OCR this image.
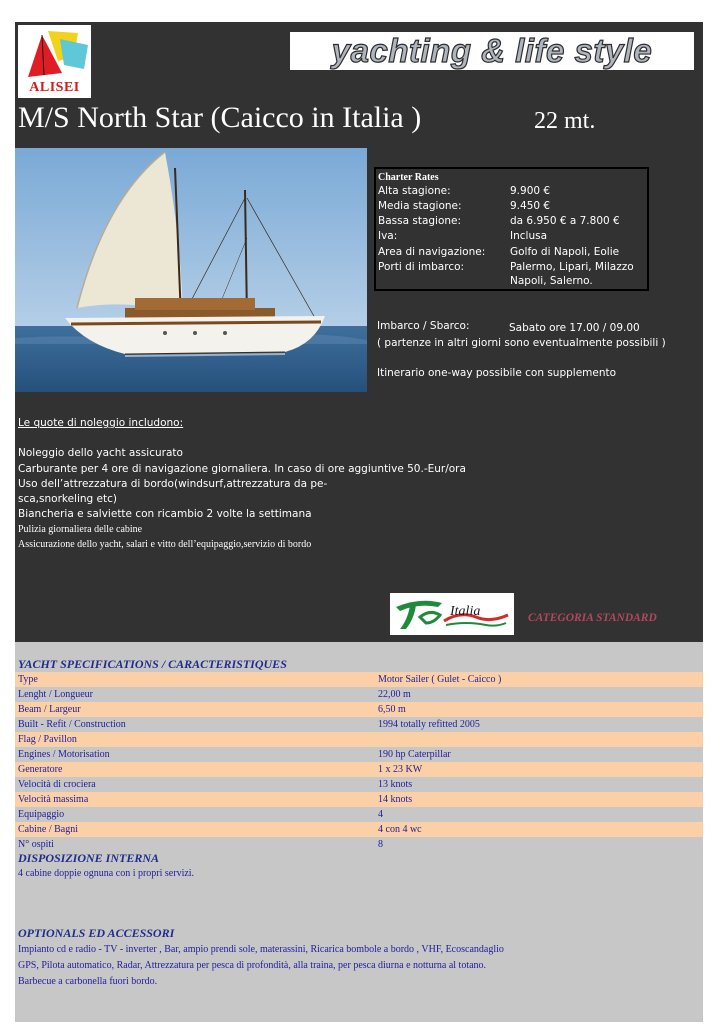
ALISEI
yachting & life style
M/S North Star (Caicco in Italia )	22 mt.
Charter Rates
Alta stagione:	9.900 €
Media stagione:	9.450 €
Bassa stagione:	da 6.950 € a 7.800 €
Iva:	Inclusa
Area di navigazione:	Golfo di Napoli, Eolie
Porti di imbarco:	Palermo, Lipari, Milazzo Napoli, Salerno.
Imbarco / Sbarco:	Sabato ore 17.00 / 09.00
( partenze in altri giorni sono eventualmente possibili )
Itinerario one-way possibile con supplemento
Le quote di noleggio includono:
Noleggio dello yacht assicurato
Carburante per 4 ore di navigazione giornaliera. In caso di ore aggiuntive 50.-Eur/ora
Uso dell’attrezzatura di bordo(windsurf,attrezzatura da pe-
sca,snorkeling etc)
Biancheria e salviette con ricambio 2 volte la settimana
Pulizia giornaliera delle cabine
Assicurazione dello yacht, salari e vitto dell’equipaggio,servizio di bordo
Italia	CATEGORIA STANDARD
YACHT SPECIFICATIONS / CARACTERISTIQUES
Type	Motor Sailer ( Gulet - Caicco )
Lenght / Longueur	22,00 m
Beam / Largeur	6,50 m
Built - Refit / Construction	1994 totally refitted 2005
Flag / Pavillon
Engines / Motorisation	190 hp Caterpillar
Generatore	1 x 23 KW
Velocità di crociera	13 knots
Velocità massima	14 knots
Equipaggio	4
Cabine / Bagni	4 con 4 wc
N° ospiti	8
DISPOSIZIONE INTERNA
4 cabine doppie ognuna con i propri servizi.
OPTIONALS ED ACCESSORI
Impianto cd e radio - TV - inverter , Bar, ampio prendi sole, materassini, Ricarica bombole a bordo , VHF, Ecoscandaglio
GPS, Pilota automatico, Radar, Attrezzatura per pesca di profondità, alla traina, per pesca diurna e notturna al totano.
Barbecue a carbonella fuori bordo.
